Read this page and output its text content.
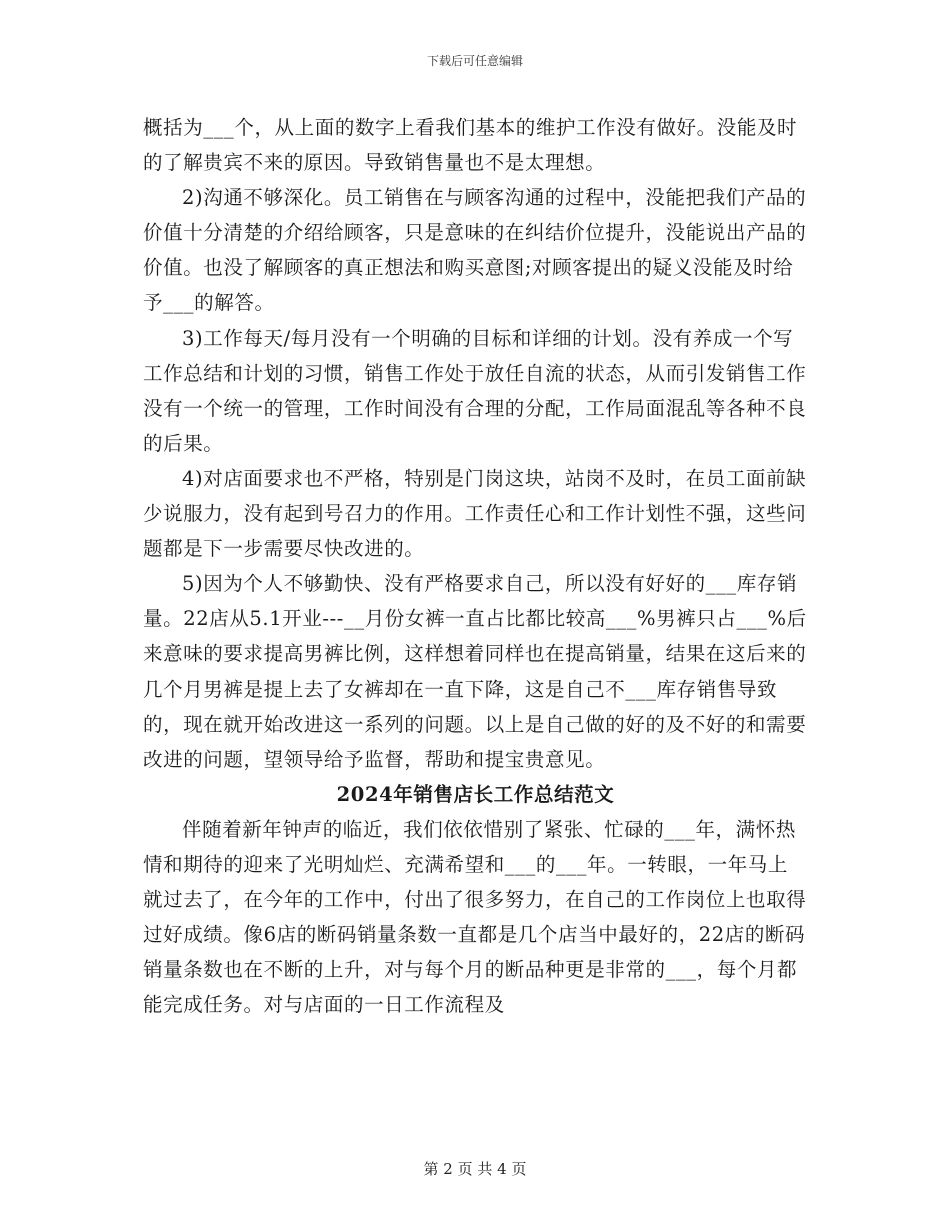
下载后可任意编辑

概括为___个，从上面的数字上看我们基本的维护工作没有做好。没能及时的了解贵宾不来的原因。导致销售量也不是太理想。

2)沟通不够深化。员工销售在与顾客沟通的过程中，没能把我们产品的价值十分清楚的介绍给顾客，只是意味的在纠结价位提升，没能说出产品的价值。也没了解顾客的真正想法和购买意图;对顾客提出的疑义没能及时给予___的解答。

3)工作每天/每月没有一个明确的目标和详细的计划。没有养成一个写工作总结和计划的习惯，销售工作处于放任自流的状态，从而引发销售工作没有一个统一的管理，工作时间没有合理的分配，工作局面混乱等各种不良的后果。

4)对店面要求也不严格，特别是门岗这块，站岗不及时，在员工面前缺少说服力，没有起到号召力的作用。工作责任心和工作计划性不强，这些问题都是下一步需要尽快改进的。

5)因为个人不够勤快、没有严格要求自己，所以没有好好的___库存销量。22店从5.1开业---__月份女裤一直占比都比较高___%男裤只占___%后来意味的要求提高男裤比例，这样想着同样也在提高销量，结果在这后来的几个月男裤是提上去了女裤却在一直下降，这是自己不___库存销售导致的，现在就开始改进这一系列的问题。以上是自己做的好的及不好的和需要改进的问题，望领导给予监督，帮助和提宝贵意见。

2024年销售店长工作总结范文

伴随着新年钟声的临近，我们依依惜别了紧张、忙碌的___年，满怀热情和期待的迎来了光明灿烂、充满希望和___的___年。一转眼，一年马上就过去了，在今年的工作中，付出了很多努力，在自己的工作岗位上也取得过好成绩。像6店的断码销量条数一直都是几个店当中最好的，22店的断码销量条数也在不断的上升，对与每个月的断品种更是非常的___，每个月都能完成任务。对与店面的一日工作流程及

第 2 页 共 4 页
